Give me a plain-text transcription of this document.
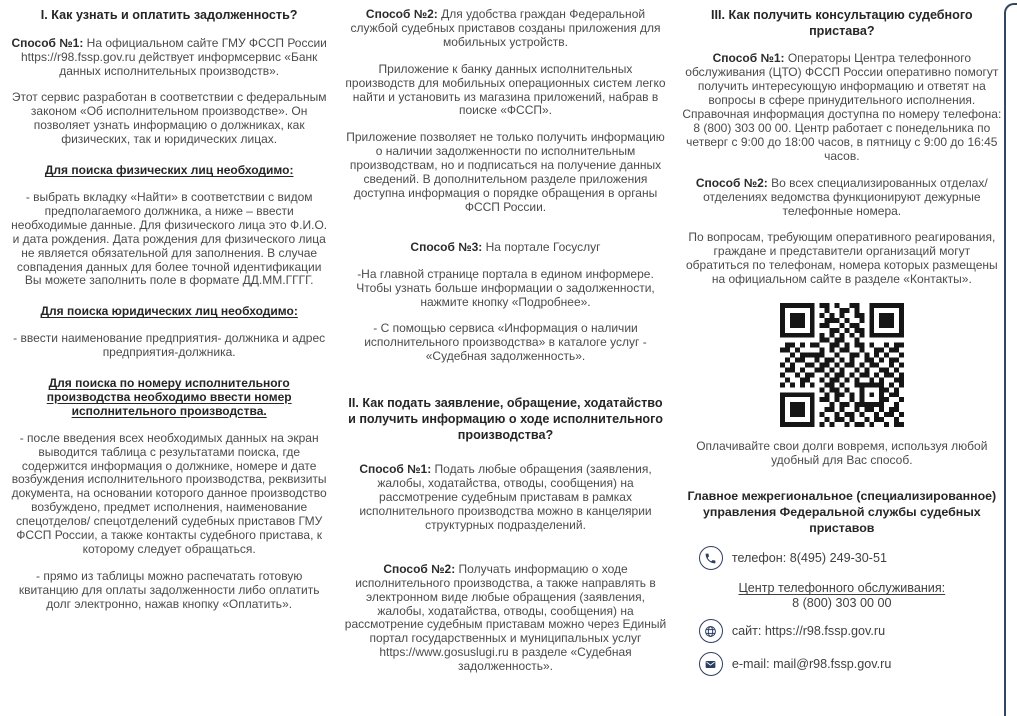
I. Как узнать и оплатить задолженность?

Способ №1: На официальном сайте ГМУ ФССП России https://r98.fssp.gov.ru действует информсервис «Банк данных исполнительных производств».

Этот сервис разработан в соответствии с федеральным законом «Об исполнительном производстве». Он позволяет узнать информацию о должниках, как физических, так и юридических лицах.

Для поиска физических лиц необходимо:

- выбрать вкладку «Найти» в соответствии с видом предполагаемого должника, а ниже – ввести необходимые данные. Для физического лица это Ф.И.О. и дата рождения. Дата рождения для физического лица не является обязательной для заполнения. В случае совпадения данных для более точной идентификации Вы можете заполнить поле в формате ДД.ММ.ГГГГ.

Для поиска юридических лиц необходимо:

- ввести наименование предприятия- должника и адрес предприятия-должника.

Для поиска по номеру исполнительного производства необходимо ввести номер исполнительного производства.

- после введения всех необходимых данных на экран выводится таблица с результатами поиска, где содержится информация о должнике, номере и дате возбуждения исполнительного производства, реквизиты документа, на основании которого данное производство возбуждено, предмет исполнения, наименование спецотделов/ спецотделений судебных приставов ГМУ ФССП России, а также контакты судебного пристава, к которому следует обращаться.

- прямо из таблицы можно распечатать готовую квитанцию для оплаты задолженности либо оплатить долг электронно, нажав кнопку «Оплатить».

Способ №2: Для удобства граждан Федеральной службой судебных приставов созданы приложения для мобильных устройств.

Приложение к банку данных исполнительных производств для мобильных операционных систем легко найти и установить из магазина приложений, набрав в поиске «ФССП».

Приложение позволяет не только получить информацию о наличии задолженности по исполнительным производствам, но и подписаться на получение данных сведений. В дополнительном разделе приложения доступна информация о порядке обращения в органы ФССП России.

Способ №3: На портале Госуслуг

-На главной странице портала в едином информере. Чтобы узнать больше информации о задолженности, нажмите кнопку «Подробнее».

- С помощью сервиса «Информация о наличии исполнительного производства» в каталоге услуг - «Судебная задолженность».

II. Как подать заявление, обращение, ходатайство и получить информацию о ходе исполнительного производства?

Способ №1: Подать любые обращения (заявления, жалобы, ходатайства, отводы, сообщения) на рассмотрение судебным приставам в рамках исполнительного производства можно в канцелярии структурных подразделений.

Способ №2: Получать информацию о ходе исполнительного производства, а также направлять в электронном виде любые обращения (заявления, жалобы, ходатайства, отводы, сообщения) на рассмотрение судебным приставам можно через Единый портал государственных и муниципальных услуг https://www.gosuslugi.ru в разделе «Судебная задолженность».

III. Как получить консультацию судебного пристава?

Способ №1: Операторы Центра телефонного обслуживания (ЦТО) ФССП России оперативно помогут получить интересующую информацию и ответят на вопросы в сфере принудительного исполнения. Справочная информация доступна по номеру телефона: 8 (800) 303 00 00. Центр работает с понедельника по четверг с 9:00 до 18:00 часов, в пятницу с 9:00 до 16:45 часов.

Способ №2: Во всех специализированных отделах/ отделениях ведомства функционируют дежурные телефонные номера.

По вопросам, требующим оперативного реагирования, граждане и представители организаций могут обратиться по телефонам, номера которых размещены на официальном сайте в разделе «Контакты».

Оплачивайте свои долги вовремя, используя любой удобный для Вас способ.

Главное межрегиональное (специализированное) управления Федеральной службы судебных приставов

телефон: 8(495) 249-30-51
Центр телефонного обслуживания:
8 (800) 303 00 00
сайт: https://r98.fssp.gov.ru
e-mail: mail@r98.fssp.gov.ru
